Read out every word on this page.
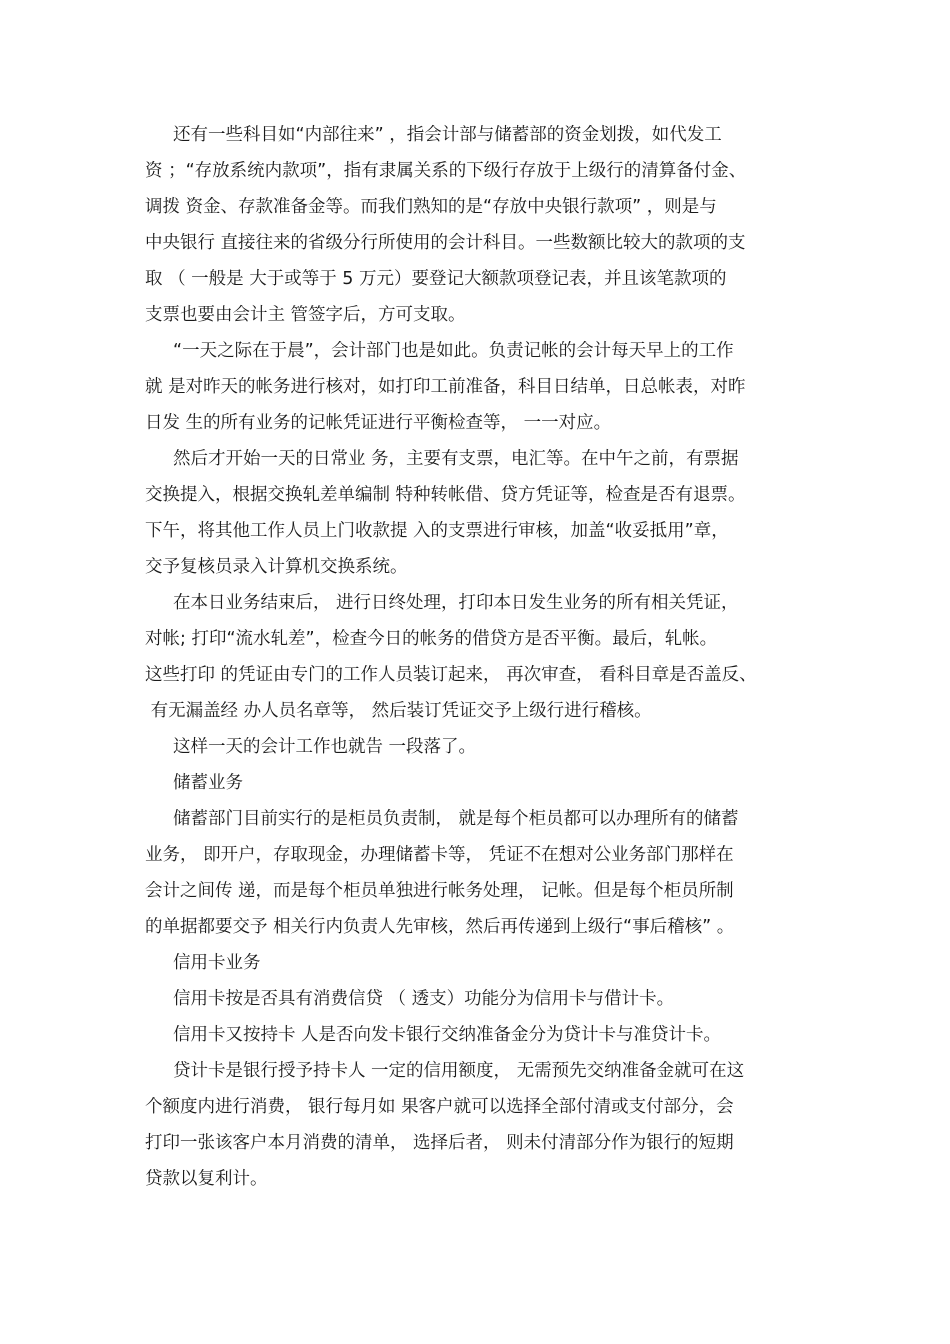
还有一些科目如“内部往来” ，指会计部与储蓄部的资金划拨，如代发工
资 ；“存放系统内款项”，指有隶属关系的下级行存放于上级行的清算备付金、
调拨 资金、存款准备金等。而我们熟知的是“存放中央银行款项” ，则是与
中央银行 直接往来的省级分行所使用的会计科目。一些数额比较大的款项的支
取 （ 一般是 大于或等于 5 万元）要登记大额款项登记表，并且该笔款项的
支票也要由会计主 管签字后，方可支取。
“一天之际在于晨”，会计部门也是如此。负责记帐的会计每天早上的工作
就 是对昨天的帐务进行核对，如打印工前准备，科目日结单，日总帐表，对昨
日发 生的所有业务的记帐凭证进行平衡检查等， 一一对应。
然后才开始一天的日常业 务，主要有支票，电汇等。在中午之前，有票据
交换提入，根据交换轧差单编制 特种转帐借、贷方凭证等，检查是否有退票。
下午，将其他工作人员上门收款提 入的支票进行审核，加盖“收妥抵用”章，
交予复核员录入计算机交换系统。
在本日业务结束后， 进行日终处理，打印本日发生业务的所有相关凭证，
对帐; 打印“流水轧差”，检查今日的帐务的借贷方是否平衡。最后，轧帐。
这些打印 的凭证由专门的工作人员装订起来， 再次审查， 看科目章是否盖反、
有无漏盖经 办人员名章等， 然后装订凭证交予上级行进行稽核。
这样一天的会计工作也就告 一段落了。
储蓄业务
储蓄部门目前实行的是柜员负责制， 就是每个柜员都可以办理所有的储蓄
业务， 即开户，存取现金，办理储蓄卡等， 凭证不在想对公业务部门那样在
会计之间传 递，而是每个柜员单独进行帐务处理， 记帐。但是每个柜员所制
的单据都要交予 相关行内负责人先审核，然后再传递到上级行“事后稽核” 。
信用卡业务
信用卡按是否具有消费信贷 （ 透支）功能分为信用卡与借计卡。
信用卡又按持卡 人是否向发卡银行交纳准备金分为贷计卡与准贷计卡。
贷计卡是银行授予持卡人 一定的信用额度， 无需预先交纳准备金就可在这
个额度内进行消费， 银行每月如 果客户就可以选择全部付清或支付部分，会
打印一张该客户本月消费的清单， 选择后者， 则未付清部分作为银行的短期
贷款以复利计。
